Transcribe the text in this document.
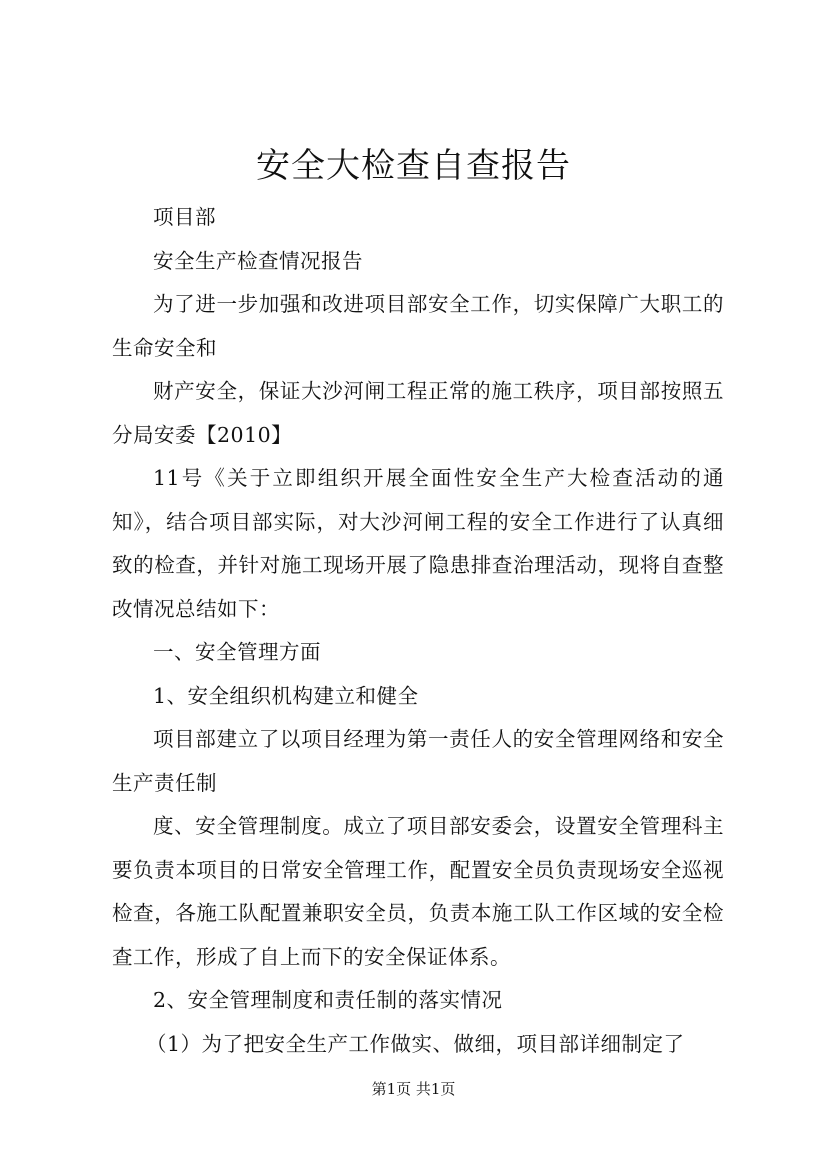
安全大检查自查报告

项目部

安全生产检查情况报告

为了进一步加强和改进项目部安全工作，切实保障广大职工的生命安全和

财产安全，保证大沙河闸工程正常的施工秩序，项目部按照五分局安委【2010】

11号《关于立即组织开展全面性安全生产大检查活动的通知》，结合项目部实际，对大沙河闸工程的安全工作进行了认真细致的检查，并针对施工现场开展了隐患排查治理活动，现将自查整改情况总结如下：

一、安全管理方面

1、安全组织机构建立和健全

项目部建立了以项目经理为第一责任人的安全管理网络和安全生产责任制

度、安全管理制度。成立了项目部安委会，设置安全管理科主要负责本项目的日常安全管理工作，配置安全员负责现场安全巡视检查，各施工队配置兼职安全员，负责本施工队工作区域的安全检查工作，形成了自上而下的安全保证体系。

2、安全管理制度和责任制的落实情况

（1）为了把安全生产工作做实、做细，项目部详细制定了

第1页 共1页
